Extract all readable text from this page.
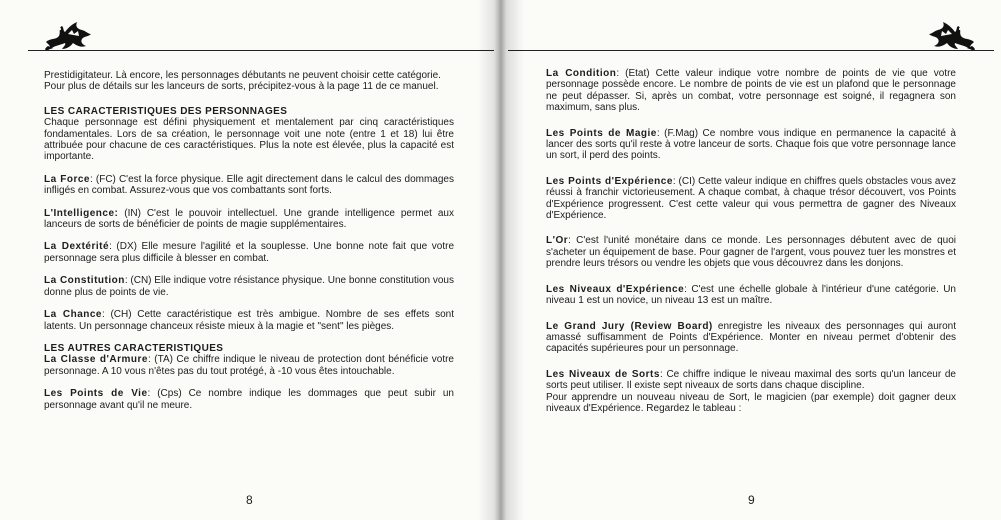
Prestidigitateur. Là encore, les personnages débutants ne peuvent choisir cette catégorie.
Pour plus de détails sur les lanceurs de sorts, précipitez-vous à la page 11 de ce manuel.

LES CARACTERISTIQUES DES PERSONNAGES

Chaque personnage est défini physiquement et mentalement par cinq caractéristiques fondamentales. Lors de sa création, le personnage voit une note (entre 1 et 18) lui être attribuée pour chacune de ces caractéristiques. Plus la note est élevée, plus la capacité est importante.

La Force: (FC) C'est la force physique. Elle agit directement dans le calcul des dommages infligés en combat. Assurez-vous que vos combattants sont forts.

L'Intelligence: (IN) C'est le pouvoir intellectuel. Une grande intelligence permet aux lanceurs de sorts de bénéficier de points de magie supplémentaires.

La Dextérité: (DX) Elle mesure l'agilité et la souplesse. Une bonne note fait que votre personnage sera plus difficile à blesser en combat.

La Constitution: (CN) Elle indique votre résistance physique. Une bonne constitution vous donne plus de points de vie.

La Chance: (CH) Cette caractéristique est très ambigue. Nombre de ses effets sont latents. Un personnage chanceux résiste mieux à la magie et "sent" les pièges.

LES AUTRES CARACTERISTIQUES

La Classe d'Armure: (TA) Ce chiffre indique le niveau de protection dont bénéficie votre personnage. A 10 vous n'êtes pas du tout protégé, à -10 vous êtes intouchable.

Les Points de Vie: (Cps) Ce nombre indique les dommages que peut subir un personnage avant qu'il ne meure.

8

La Condition: (Etat) Cette valeur indique votre nombre de points de vie que votre personnage possède encore. Le nombre de points de vie est un plafond que le personnage ne peut dépasser. Si, après un combat, votre personnage est soigné, il regagnera son maximum, sans plus.

Les Points de Magie: (F.Mag) Ce nombre vous indique en permanence la capacité à lancer des sorts qu'il reste à votre lanceur de sorts. Chaque fois que votre personnage lance un sort, il perd des points.

Les Points d'Expérience: (CI) Cette valeur indique en chiffres quels obstacles vous avez réussi à franchir victorieusement. A chaque combat, à chaque trésor découvert, vos Points d'Expérience progressent. C'est cette valeur qui vous permettra de gagner des Niveaux d'Expérience.

L'Or: C'est l'unité monétaire dans ce monde. Les personnages débutent avec de quoi s'acheter un équipement de base. Pour gagner de l'argent, vous pouvez tuer les monstres et prendre leurs trésors ou vendre les objets que vous découvrez dans les donjons.

Les Niveaux d'Expérience: C'est une échelle globale à l'intérieur d'une catégorie. Un niveau 1 est un novice, un niveau 13 est un maître.

Le Grand Jury (Review Board) enregistre les niveaux des personnages qui auront amassé suffisamment de Points d'Expérience. Monter en niveau permet d'obtenir des capacités supérieures pour un personnage.

Les Niveaux de Sorts: Ce chiffre indique le niveau maximal des sorts qu'un lanceur de sorts peut utiliser. Il existe sept niveaux de sorts dans chaque discipline.
Pour apprendre un nouveau niveau de Sort, le magicien (par exemple) doit gagner deux niveaux d'Expérience. Regardez le tableau :

9
